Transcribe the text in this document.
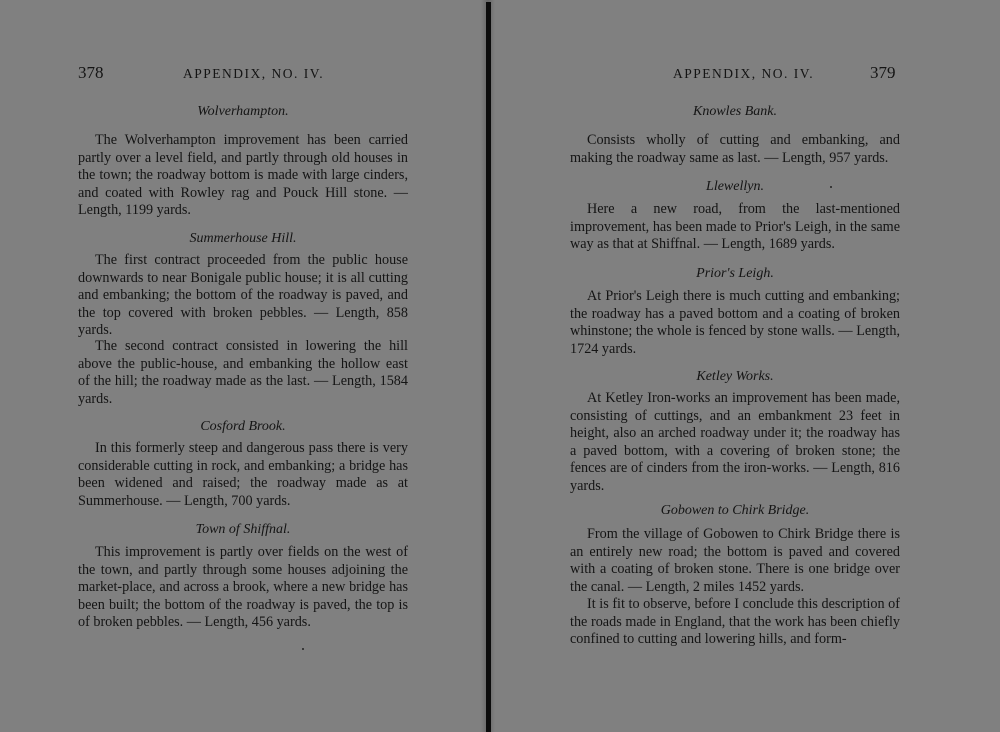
378	APPENDIX, NO. IV.
Wolverhampton.

The Wolverhampton improvement has been carried partly over a level field, and partly through old houses in the town; the roadway bottom is made with large cinders, and coated with Rowley rag and Pouck Hill stone. — Length, 1199 yards.

Summerhouse Hill.

The first contract proceeded from the public house downwards to near Bonigale public house; it is all cutting and embanking; the bottom of the roadway is paved, and the top covered with broken pebbles. — Length, 858 yards.

The second contract consisted in lowering the hill above the public-house, and embanking the hollow east of the hill; the roadway made as the last. — Length, 1584 yards.

Cosford Brook.

In this formerly steep and dangerous pass there is very considerable cutting in rock, and embanking; a bridge has been widened and raised; the roadway made as at Summerhouse. — Length, 700 yards.

Town of Shiffnal.

This improvement is partly over fields on the west of the town, and partly through some houses adjoining the market-place, and across a brook, where a new bridge has been built; the bottom of the roadway is paved, the top is of broken pebbles. — Length, 456 yards.

APPENDIX, NO. IV.	379
Knowles Bank.

Consists wholly of cutting and embanking, and making the roadway same as last. — Length, 957 yards.

Llewellyn.

Here a new road, from the last-mentioned improvement, has been made to Prior's Leigh, in the same way as that at Shiffnal. — Length, 1689 yards.

Prior's Leigh.

At Prior's Leigh there is much cutting and embanking; the roadway has a paved bottom and a coating of broken whinstone; the whole is fenced by stone walls. — Length, 1724 yards.

Ketley Works.

At Ketley Iron-works an improvement has been made, consisting of cuttings, and an embankment 23 feet in height, also an arched roadway under it; the roadway has a paved bottom, with a covering of broken stone; the fences are of cinders from the iron-works. — Length, 816 yards.

Gobowen to Chirk Bridge.

From the village of Gobowen to Chirk Bridge there is an entirely new road; the bottom is paved and covered with a coating of broken stone. There is one bridge over the canal. — Length, 2 miles 1452 yards.

It is fit to observe, before I conclude this description of the roads made in England, that the work has been chiefly confined to cutting and lowering hills, and form-
